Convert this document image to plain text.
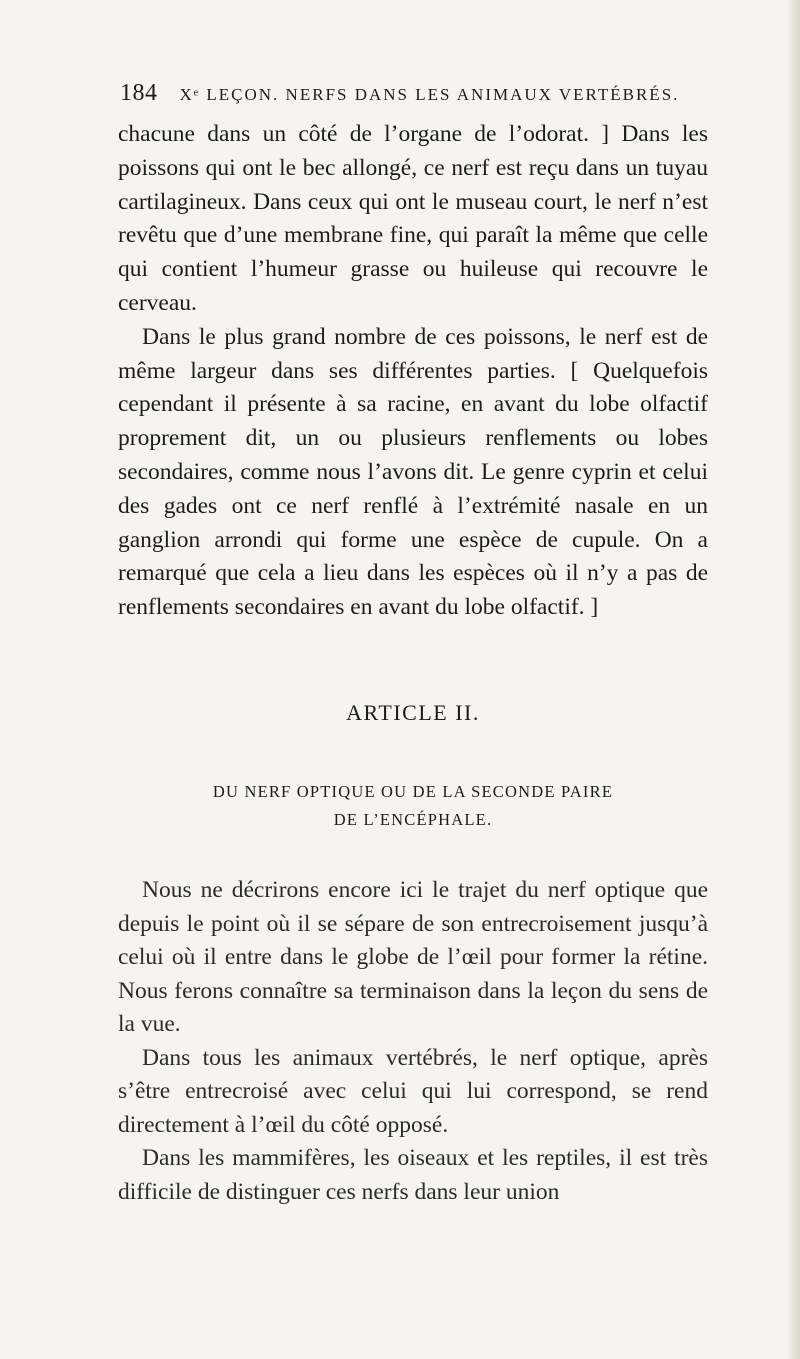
184 Xᵉ LEÇON. NERFS DANS LES ANIMAUX VERTÉBRÉS.

chacune dans un côté de l’organe de l’odorat. ] Dans les poissons qui ont le bec allongé, ce nerf est reçu dans un tuyau cartilagineux. Dans ceux qui ont le museau court, le nerf n’est revêtu que d’une membrane fine, qui paraît la même que celle qui contient l’humeur grasse ou huileuse qui recouvre le cerveau.

Dans le plus grand nombre de ces poissons, le nerf est de même largeur dans ses différentes parties. [ Quelquefois cependant il présente à sa racine, en avant du lobe olfactif proprement dit, un ou plusieurs renflements ou lobes secondaires, comme nous l’avons dit. Le genre cyprin et celui des gades ont ce nerf renflé à l’extrémité nasale en un ganglion arrondi qui forme une espèce de cupule. On a remarqué que cela a lieu dans les espèces où il n’y a pas de renflements secondaires en avant du lobe olfactif. ]

ARTICLE II.
DU NERF OPTIQUE OU DE LA SECONDE PAIRE
DE L’ENCÉPHALE.

Nous ne décrirons encore ici le trajet du nerf optique que depuis le point où il se sépare de son entrecroisement jusqu’à celui où il entre dans le globe de l’œil pour former la rétine. Nous ferons connaître sa terminaison dans la leçon du sens de la vue.

Dans tous les animaux vertébrés, le nerf optique, après s’être entrecroisé avec celui qui lui correspond, se rend directement à l’œil du côté opposé.

Dans les mammifères, les oiseaux et les reptiles, il est très difficile de distinguer ces nerfs dans leur union
